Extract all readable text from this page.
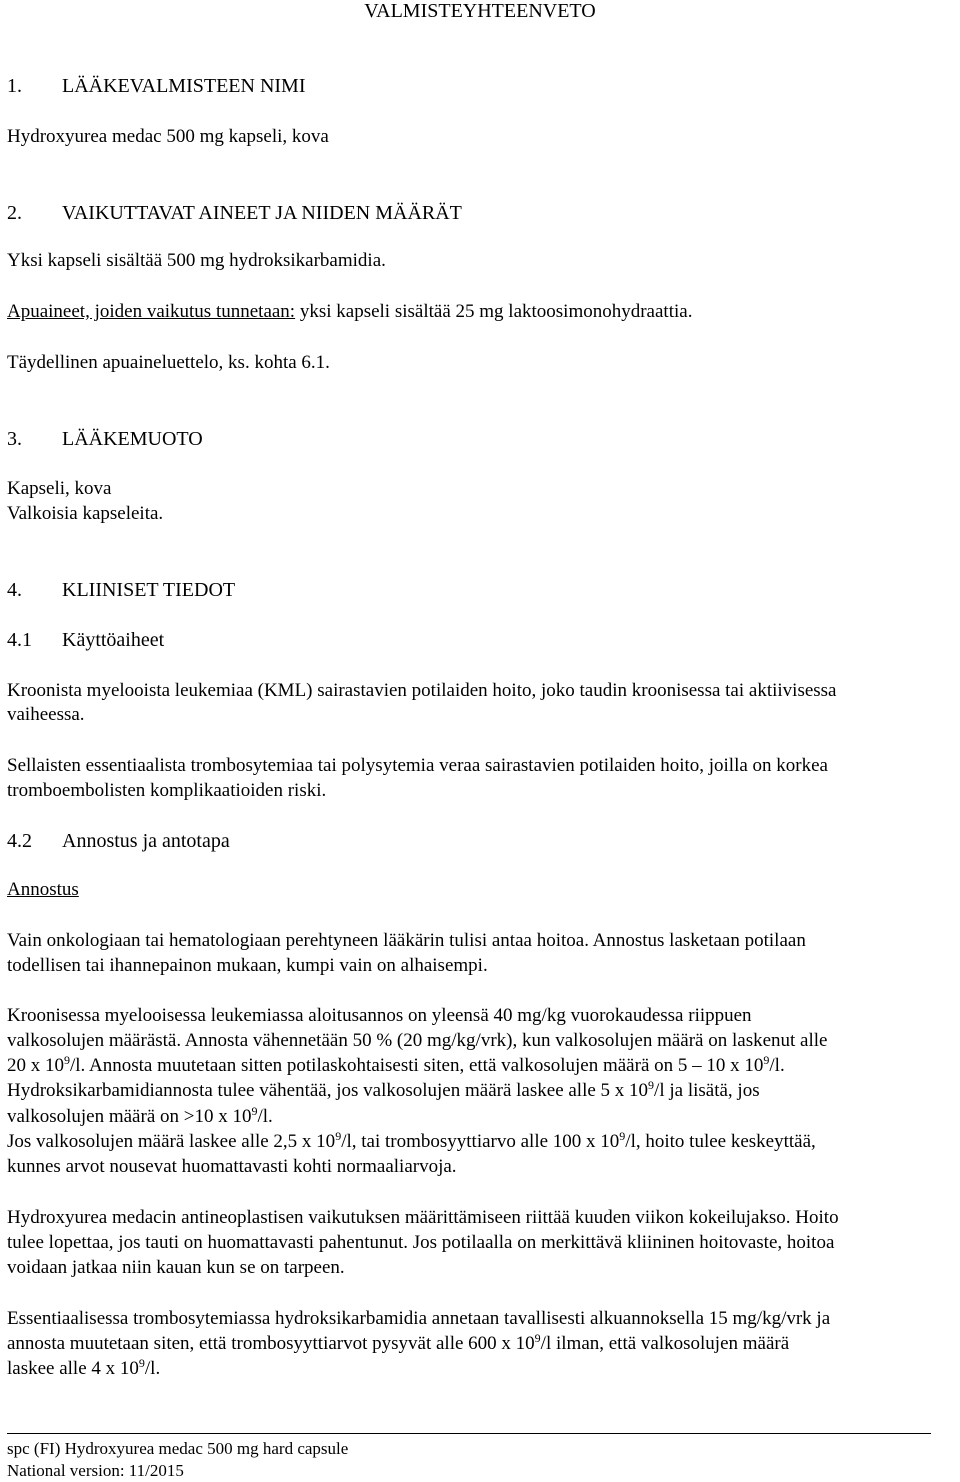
VALMISTEYHTEENVETO
1. LÄÄKEVALMISTEEN NIMI
Hydroxyurea medac 500 mg kapseli, kova
2. VAIKUTTAVAT AINEET JA NIIDEN MÄÄRÄT
Yksi kapseli sisältää 500 mg hydroksikarbamidia.
Apuaineet, joiden vaikutus tunnetaan: yksi kapseli sisältää 25 mg laktoosimonohydraattia.
Täydellinen apuaineluettelo, ks. kohta 6.1.
3. LÄÄKEMUOTO
Kapseli, kova
Valkoisia kapseleita.
4. KLIINISET TIEDOT
4.1 Käyttöaiheet
Kroonista myelooista leukemiaa (KML) sairastavien potilaiden hoito, joko taudin kroonisessa tai aktiivisessa
vaiheessa.
Sellaisten essentiaalista trombosytemiaa tai polysytemia veraa sairastavien potilaiden hoito, joilla on korkea
tromboembolisten komplikaatioiden riski.
4.2 Annostus ja antotapa
Annostus
Vain onkologiaan tai hematologiaan perehtyneen lääkärin tulisi antaa hoitoa. Annostus lasketaan potilaan
todellisen tai ihannepainon mukaan, kumpi vain on alhaisempi.
Kroonisessa myelooisessa leukemiassa aloitusannos on yleensä 40 mg/kg vuorokaudessa riippuen
valkosolujen määrästä. Annosta vähennetään 50 % (20 mg/kg/vrk), kun valkosolujen määrä on laskenut alle
20 x $10^9/l$. Annosta muutetaan sitten potilaskohtaisesti siten, että valkosolujen määrä on 5 – 10 x $10^9/l$.
Hydroksikarbamidiannosta tulee vähentää, jos valkosolujen määrä laskee alle 5 x $10^9/l$ ja lisätä, jos
valkosolujen määrä on >10 x $10^9/l$.
Jos valkosolujen määrä laskee alle 2,5 x $10^9/l$, tai trombosyyttiarvo alle 100 x $10^9/l$, hoito tulee keskeyttää,
kunnes arvot nousevat huomattavasti kohti normaaliarvoja.
Hydroxyurea medacin antineoplastisen vaikutuksen määrittämiseen riittää kuuden viikon kokeilujakso. Hoito
tulee lopettaa, jos tauti on huomattavasti pahentunut. Jos potilaalla on merkittävä kliininen hoitovaste, hoitoa
voidaan jatkaa niin kauan kun se on tarpeen.
Essentiaalisessa trombosytemiassa hydroksikarbamidia annetaan tavallisesti alkuannoksella 15 mg/kg/vrk ja
annosta muutetaan siten, että trombosyyttiarvot pysyvät alle 600 x $10^9/l$ ilman, että valkosolujen määrä
laskee alle 4 x $10^9/l$.
spc (FI) Hydroxyurea medac 500 mg hard capsule
National version: 11/2015
